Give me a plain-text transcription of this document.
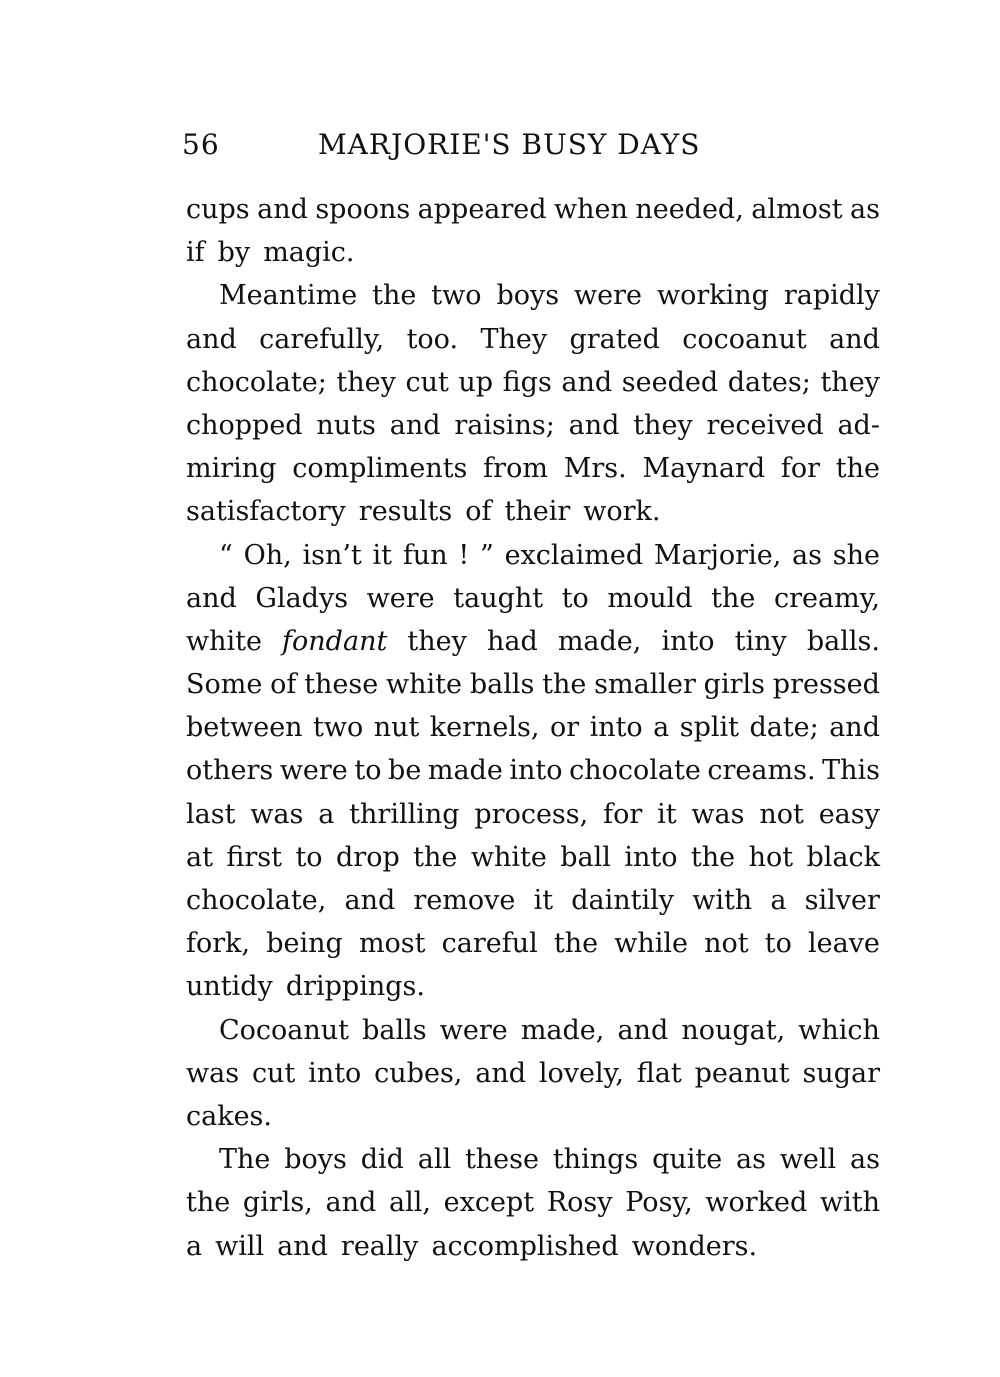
56	MARJORIE'S BUSY DAYS
cups and spoons appeared when needed, almost as
if by magic.
Meantime the two boys were working rapidly
and carefully, too. They grated cocoanut and
chocolate; they cut up figs and seeded dates; they
chopped nuts and raisins; and they received ad-
miring compliments from Mrs. Maynard for the
satisfactory results of their work.
“ Oh, isn’t it fun ! ” exclaimed Marjorie, as she
and Gladys were taught to mould the creamy,
white fondant they had made, into tiny balls.
Some of these white balls the smaller girls pressed
between two nut kernels, or into a split date; and
others were to be made into chocolate creams. This
last was a thrilling process, for it was not easy
at first to drop the white ball into the hot black
chocolate, and remove it daintily with a silver
fork, being most careful the while not to leave
untidy drippings.
Cocoanut balls were made, and nougat, which
was cut into cubes, and lovely, flat peanut sugar
cakes.
The boys did all these things quite as well as
the girls, and all, except Rosy Posy, worked with
a will and really accomplished wonders.
